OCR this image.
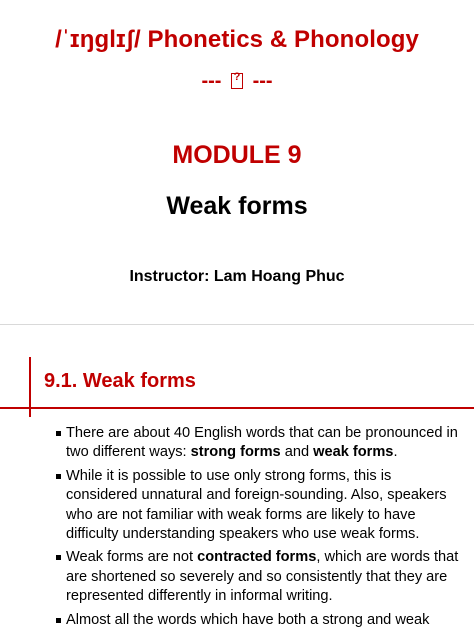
/ˈɪŋglɪʃ/ Phonetics & Phonology
--- ? ---
MODULE 9
Weak forms
Instructor: Lam Hoang Phuc
9.1. Weak forms
There are about 40 English words that can be pronounced in two different ways: strong forms and weak forms.
While it is possible to use only strong forms, this is considered unnatural and foreign-sounding. Also, speakers who are not familiar with weak forms are likely to have difficulty understanding speakers who use weak forms.
Weak forms are not contracted forms, which are words that are shortened so severely and so consistently that they are represented differently in informal writing.
Almost all the words which have both a strong and weak
